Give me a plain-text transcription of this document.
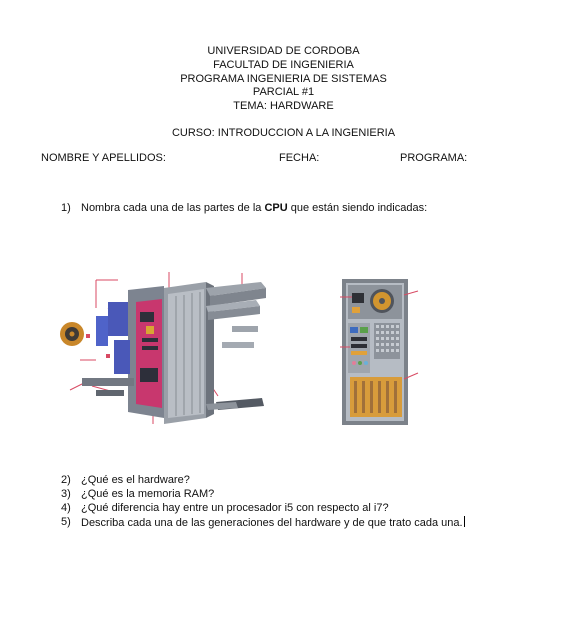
UNIVERSIDAD DE CORDOBA
FACULTAD DE INGENIERIA
PROGRAMA INGENIERIA DE SISTEMAS
PARCIAL #1
TEMA: HARDWARE
CURSO: INTRODUCCION A LA INGENIERIA
NOMBRE Y APELLIDOS:	FECHA:	PROGRAMA:
1) Nombra cada una de las partes de la CPU que están siendo indicadas:
2) ¿Qué es el hardware?
3) ¿Qué es la memoria RAM?
4) ¿Qué diferencia hay entre un procesador i5 con respecto al i7?
5) Describa cada una de las generaciones del hardware y de que trato cada una.
